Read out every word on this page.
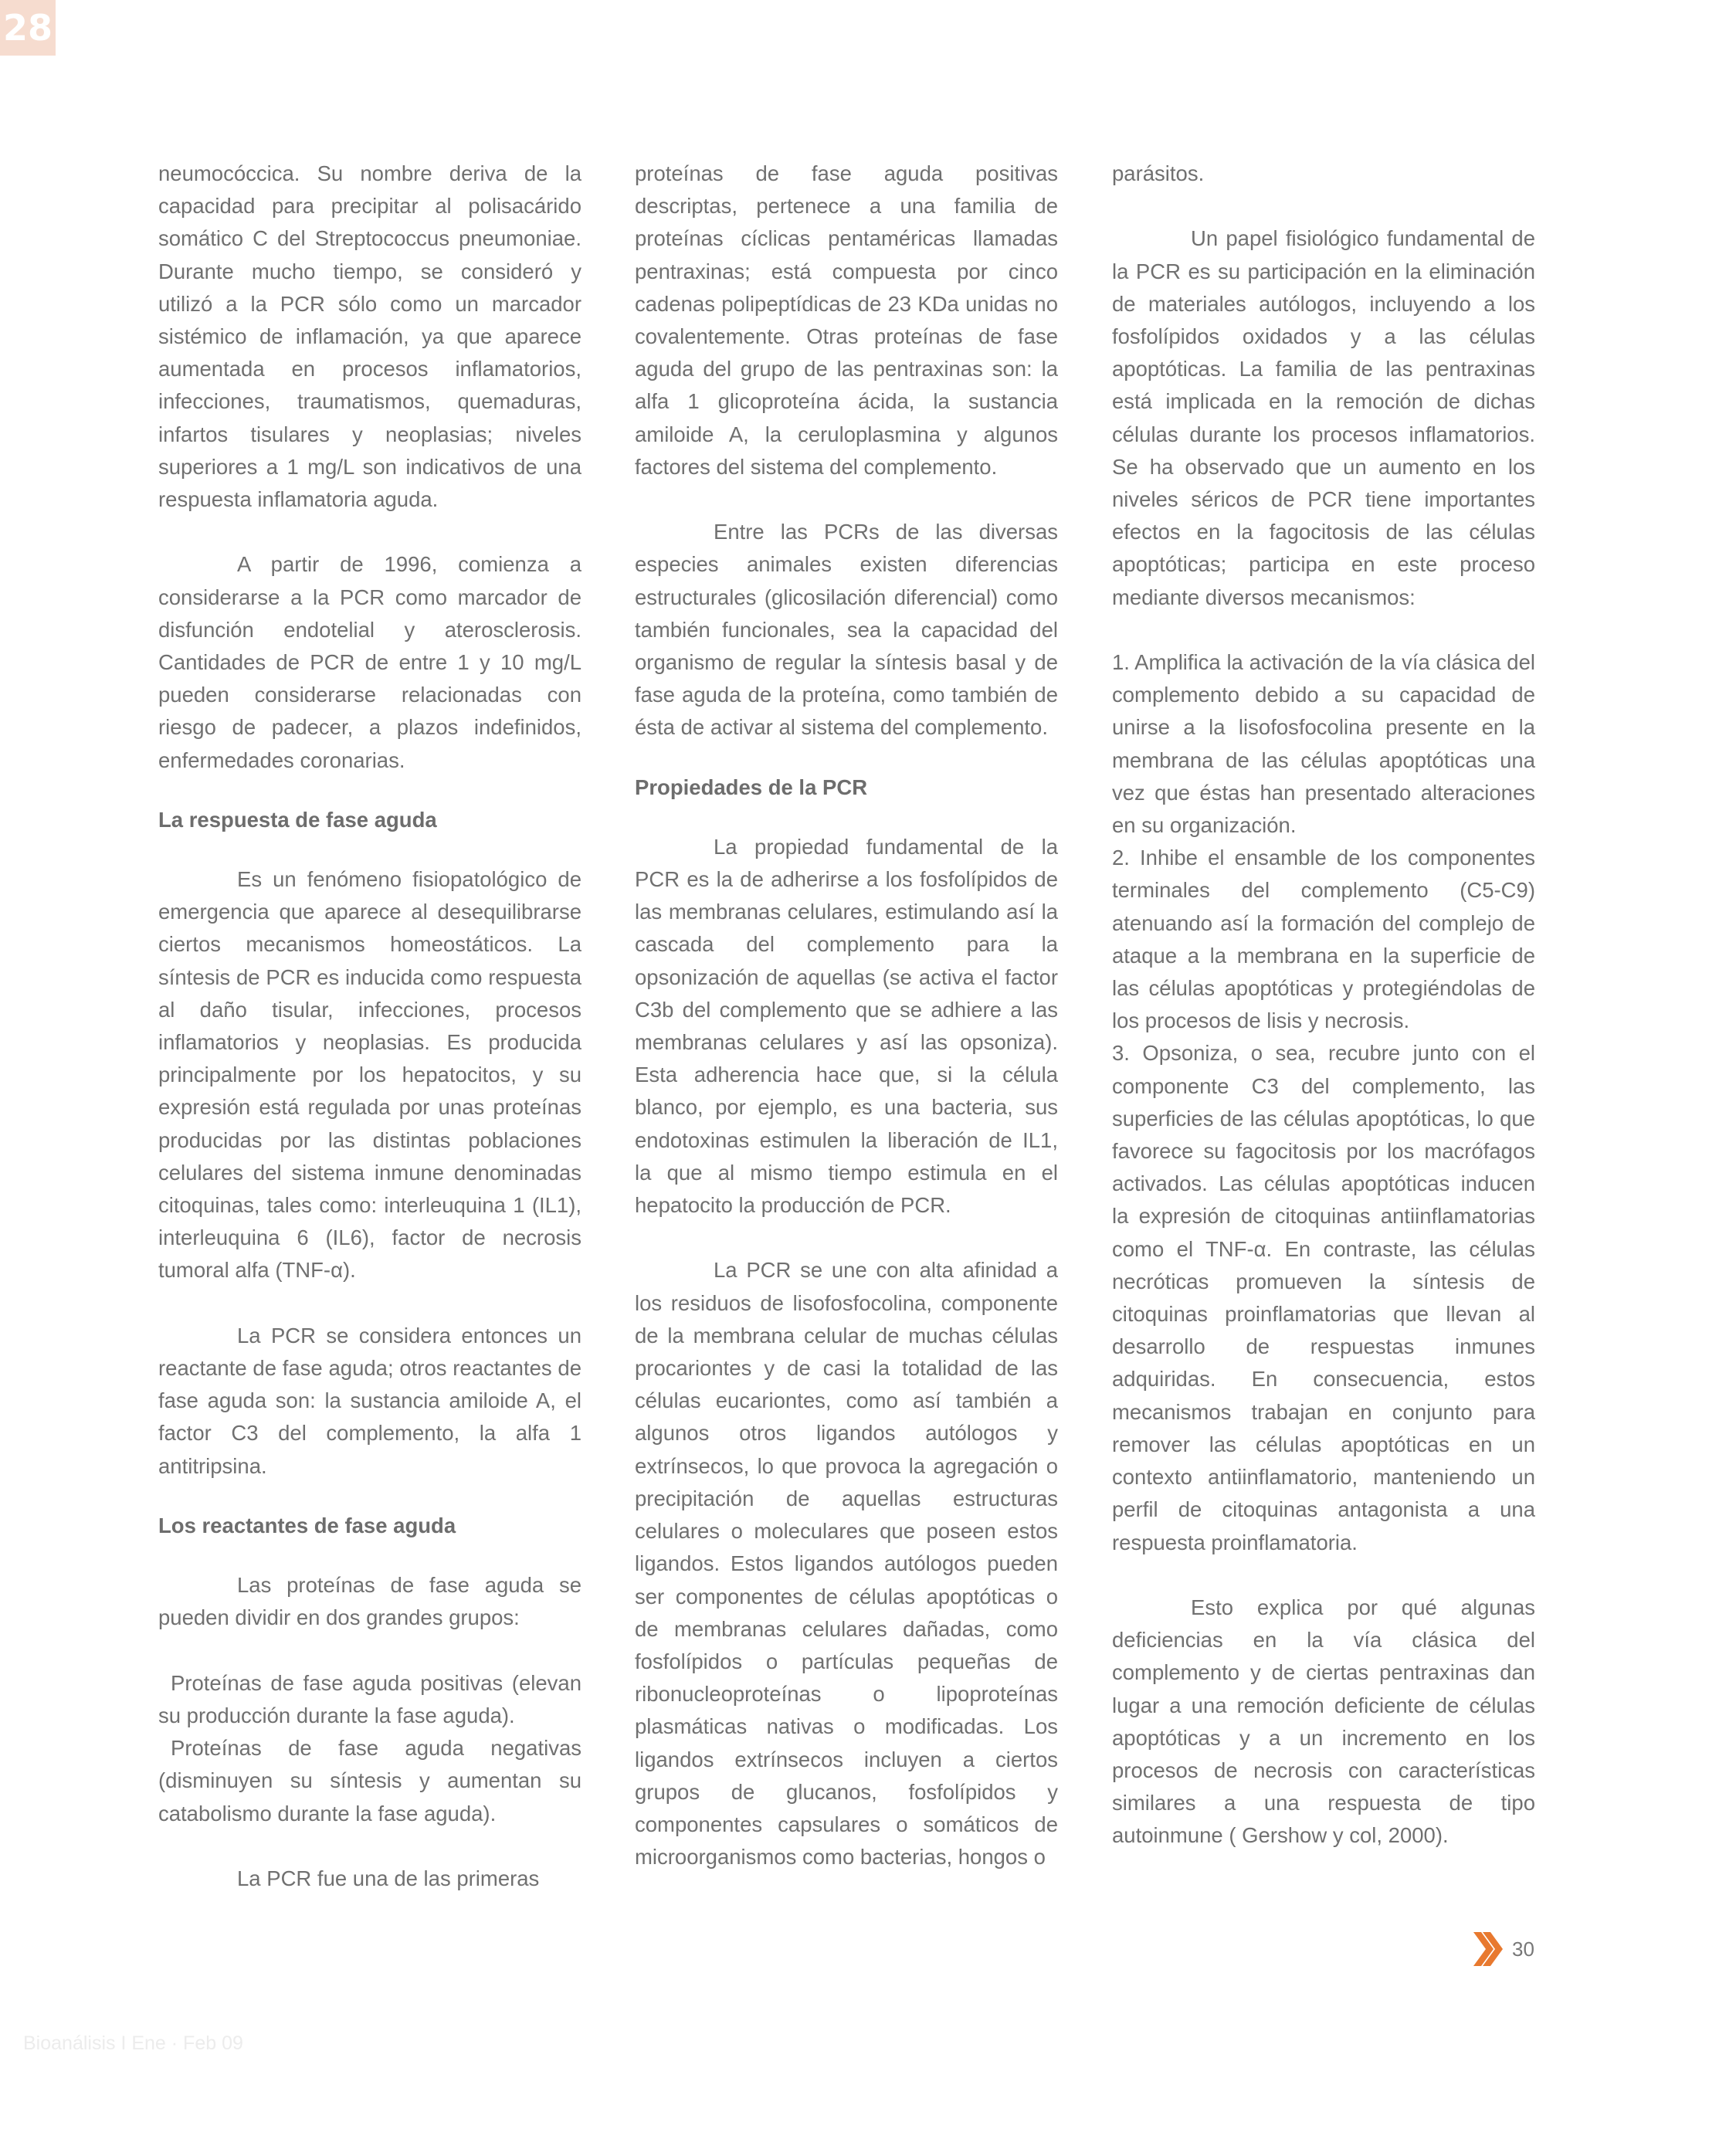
28

neumocóccica. Su nombre deriva de la capacidad para precipitar al polisacárido somático C del Streptococcus pneumoniae. Durante mucho tiempo, se consideró y utilizó a la PCR sólo como un marcador sistémico de inflamación, ya que aparece aumentada en procesos inflamatorios, infecciones, traumatismos, quemaduras, infartos tisulares y neoplasias; niveles superiores a 1 mg/L son indicativos de una respuesta inflamatoria aguda.

A partir de 1996, comienza a considerarse a la PCR como marcador de disfunción endotelial y aterosclerosis. Cantidades de PCR de entre 1 y 10 mg/L pueden considerarse relacionadas con riesgo de padecer, a plazos indefinidos, enfermedades coronarias.

La respuesta de fase aguda

Es un fenómeno fisiopatológico de emergencia que aparece al desequilibrarse ciertos mecanismos homeostáticos. La síntesis de PCR es inducida como respuesta al daño tisular, infecciones, procesos inflamatorios y neoplasias. Es producida principalmente por los hepatocitos, y su expresión está regulada por unas proteínas producidas por las distintas poblaciones celulares del sistema inmune denominadas citoquinas, tales como: interleuquina 1 (IL1), interleuquina 6 (IL6), factor de necrosis tumoral alfa (TNF-α).

La PCR se considera entonces un reactante de fase aguda; otros reactantes de fase aguda son: la sustancia amiloide A, el factor C3 del complemento, la alfa 1 antitripsina.

Los reactantes de fase aguda

Las proteínas de fase aguda se pueden dividir en dos grandes grupos:

Proteínas de fase aguda positivas (elevan su producción durante la fase aguda).

Proteínas de fase aguda negativas (disminuyen su síntesis y aumentan su catabolismo durante la fase aguda).

La PCR fue una de las primeras

proteínas de fase aguda positivas descriptas, pertenece a una familia de proteínas cíclicas pentaméricas llamadas pentraxinas; está compuesta por cinco cadenas polipeptídicas de 23 KDa unidas no covalentemente. Otras proteínas de fase aguda del grupo de las pentraxinas son: la alfa 1 glicoproteína ácida, la sustancia amiloide A, la ceruloplasmina y algunos factores del sistema del complemento.

Entre las PCRs de las diversas especies animales existen diferencias estructurales (glicosilación diferencial) como también funcionales, sea la capacidad del organismo de regular la síntesis basal y de fase aguda de la proteína, como también de ésta de activar al sistema del complemento.

Propiedades de la PCR

La propiedad fundamental de la PCR es la de adherirse a los fosfolípidos de las membranas celulares, estimulando así la cascada del complemento para la opsonización de aquellas (se activa el factor C3b del complemento que se adhiere a las membranas celulares y así las opsoniza). Esta adherencia hace que, si la célula blanco, por ejemplo, es una bacteria, sus endotoxinas estimulen la liberación de IL1, la que al mismo tiempo estimula en el hepatocito la producción de PCR.

La PCR se une con alta afinidad a los residuos de lisofosfocolina, componente de la membrana celular de muchas células procariontes y de casi la totalidad de las células eucariontes, como así también a algunos otros ligandos autólogos y extrínsecos, lo que provoca la agregación o precipitación de aquellas estructuras celulares o moleculares que poseen estos ligandos. Estos ligandos autólogos pueden ser componentes de células apoptóticas o de membranas celulares dañadas, como fosfolípidos o partículas pequeñas de ribonucleoproteínas o lipoproteínas plasmáticas nativas o modificadas. Los ligandos extrínsecos incluyen a ciertos grupos de glucanos, fosfolípidos y componentes capsulares o somáticos de microorganismos como bacterias, hongos o

parásitos.

Un papel fisiológico fundamental de la PCR es su participación en la eliminación de materiales autólogos, incluyendo a los fosfolípidos oxidados y a las células apoptóticas. La familia de las pentraxinas está implicada en la remoción de dichas células durante los procesos inflamatorios. Se ha observado que un aumento en los niveles séricos de PCR tiene importantes efectos en la fagocitosis de las células apoptóticas; participa en este proceso mediante diversos mecanismos:

1. Amplifica la activación de la vía clásica del complemento debido a su capacidad de unirse a la lisofosfocolina presente en la membrana de las células apoptóticas una vez que éstas han presentado alteraciones en su organización.

2. Inhibe el ensamble de los componentes terminales del complemento (C5-C9) atenuando así la formación del complejo de ataque a la membrana en la superficie de las células apoptóticas y protegiéndolas de los procesos de lisis y necrosis.

3. Opsoniza, o sea, recubre junto con el componente C3 del complemento, las superficies de las células apoptóticas, lo que favorece su fagocitosis por los macrófagos activados. Las células apoptóticas inducen la expresión de citoquinas antiinflamatorias como el TNF-α. En contraste, las células necróticas promueven la síntesis de citoquinas proinflamatorias que llevan al desarrollo de respuestas inmunes adquiridas. En consecuencia, estos mecanismos trabajan en conjunto para remover las células apoptóticas en un contexto antiinflamatorio, manteniendo un perfil de citoquinas antagonista a una respuesta proinflamatoria.

Esto explica por qué algunas deficiencias en la vía clásica del complemento y de ciertas pentraxinas dan lugar a una remoción deficiente de células apoptóticas y a un incremento en los procesos de necrosis con características similares a una respuesta de tipo autoinmune ( Gershow y col, 2000).

30
Bioanálisis I Ene · Feb 09
